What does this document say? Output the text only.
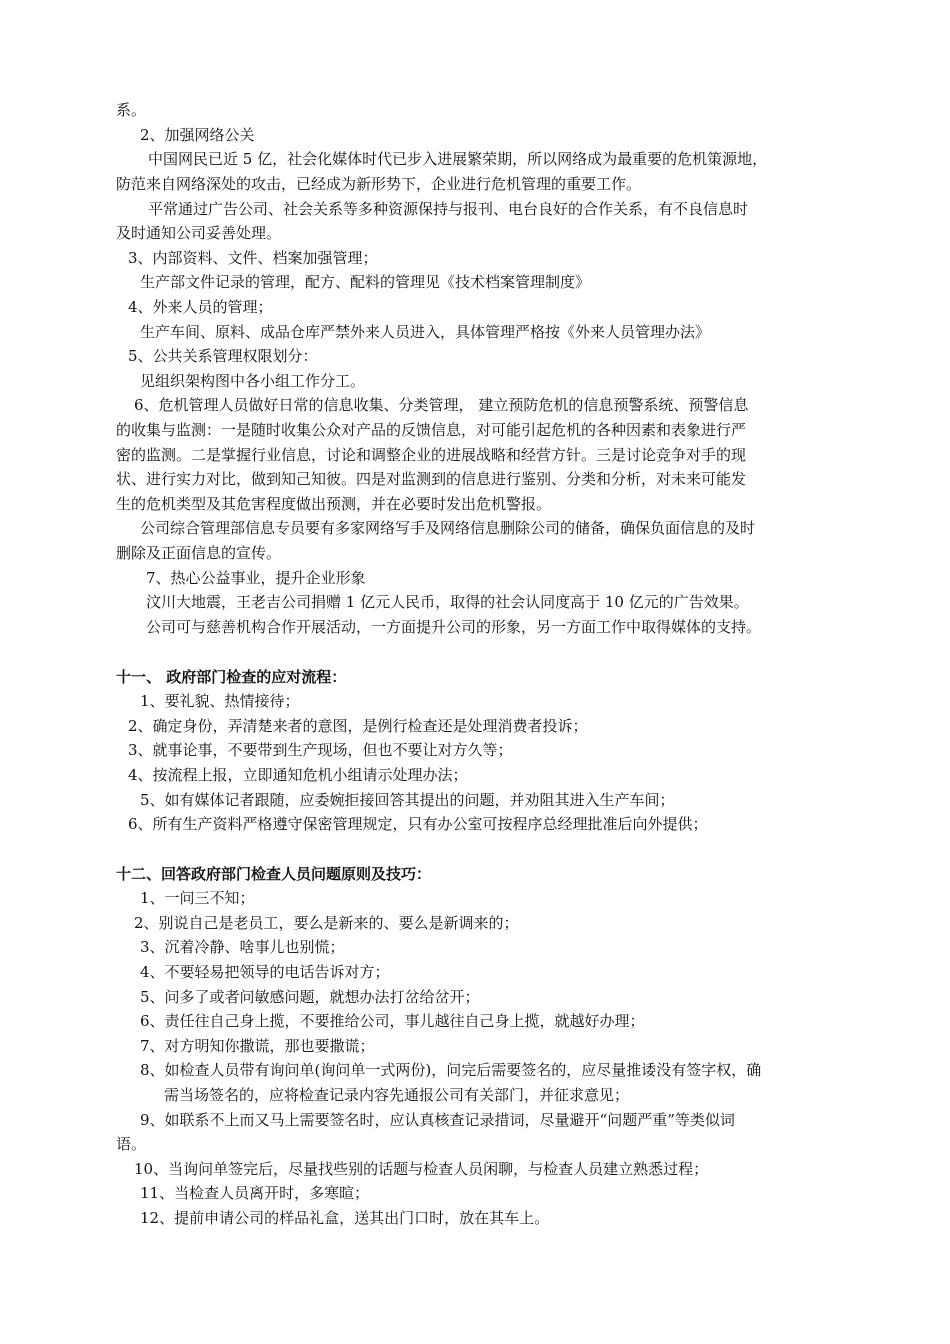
系。
2、加强网络公关
中国网民已近 5 亿，社会化媒体时代已步入进展繁荣期，所以网络成为最重要的危机策源地，
防范来自网络深处的攻击，已经成为新形势下，企业进行危机管理的重要工作。
平常通过广告公司、社会关系等多种资源保持与报刊、电台良好的合作关系，有不良信息时
及时通知公司妥善处理。
3、内部资料、文件、档案加强管理；
生产部文件记录的管理，配方、配料的管理见《技术档案管理制度》
4、外来人员的管理；
生产车间、原料、成品仓库严禁外来人员进入，具体管理严格按《外来人员管理办法》
5、公共关系管理权限划分：
见组织架构图中各小组工作分工。
6、危机管理人员做好日常的信息收集、分类管理， 建立预防危机的信息预警系统、预警信息
的收集与监测：一是随时收集公众对产品的反馈信息，对可能引起危机的各种因素和表象进行严
密的监测。二是掌握行业信息，讨论和调整企业的进展战略和经营方针。三是讨论竞争对手的现
状、进行实力对比，做到知己知彼。四是对监测到的信息进行鉴别、分类和分析，对未来可能发
生的危机类型及其危害程度做出预测，并在必要时发出危机警报。
公司综合管理部信息专员要有多家网络写手及网络信息删除公司的储备，确保负面信息的及时
删除及正面信息的宣传。
7、热心公益事业，提升企业形象
汶川大地震，王老吉公司捐赠 1 亿元人民币，取得的社会认同度高于 10 亿元的广告效果。
公司可与慈善机构合作开展活动，一方面提升公司的形象，另一方面工作中取得媒体的支持。
十一、 政府部门检查的应对流程：
1、要礼貌、热情接待；
2、确定身份，弄清楚来者的意图，是例行检查还是处理消费者投诉；
3、就事论事，不要带到生产现场，但也不要让对方久等；
4、按流程上报，立即通知危机小组请示处理办法；
5、如有媒体记者跟随，应委婉拒接回答其提出的问题，并劝阻其进入生产车间；
6、所有生产资料严格遵守保密管理规定，只有办公室可按程序总经理批准后向外提供；
十二、回答政府部门检查人员问题原则及技巧：
1、一问三不知；
2、别说自己是老员工，要么是新来的、要么是新调来的；
3、沉着冷静、啥事儿也别慌；
4、不要轻易把领导的电话告诉对方；
5、问多了或者问敏感问题，就想办法打岔给岔开；
6、责任往自己身上揽，不要推给公司，事儿越往自己身上揽，就越好办理；
7、对方明知你撒谎，那也要撒谎；
8、如检查人员带有询问单(询问单一式两份)，问完后需要签名的，应尽量推诿没有签字权，确
需当场签名的，应将检查记录内容先通报公司有关部门，并征求意见；
9、如联系不上而又马上需要签名时，应认真核查记录措词，尽量避开“问题严重”等类似词
语。
10、当询问单签完后，尽量找些别的话题与检查人员闲聊，与检查人员建立熟悉过程；
11、当检查人员离开时，多寒暄；
12、提前申请公司的样品礼盒，送其出门口时，放在其车上。
